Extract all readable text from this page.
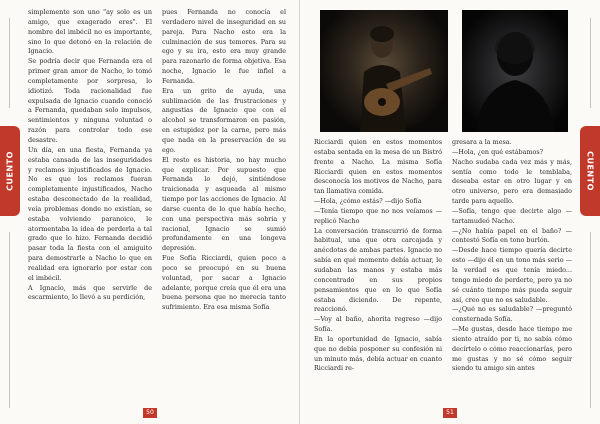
CUENTO

simplemente son uno "ay solo es un amigo, que exagerado eres". El nombre del imbécil no es importante, sino lo que detonó en la relación de Ignacio.

Se podría decir que Fernanda era el primer gran amor de Nacho, lo tomó completamente por sorpresa, lo idiotizó. Toda racionalidad fue expulsada de Ignacio cuando conoció a Fernanda, quedaban solo impulsos, sentimientos y ninguna voluntad o razón para controlar todo ese desastre.

Un día, en una fiesta, Fernanda ya estaba cansada de las inseguridades y reclamos injustificados de Ignacio. No es que los reclamos fueran completamente injustificados, Nacho estaba desconectado de la realidad, veía problemas donde no existían, se estaba volviendo paranoico, le atormentaba la idea de perderla a tal grado que lo hizo. Fernanda decidió pasar toda la fiesta con el amiguito para demostrarle a Nacho lo que en realidad era ignorarlo por estar con el imbécil.

A Ignacio, más que servirle de escarmiento, lo llevó a su perdición,

pues Fernanda no conocía el verdadero nivel de inseguridad en su pareja. Para Nacho esto era la culminación de sus temores. Para su ego y su ira, esto era muy grande para razonarlo de forma objetiva. Esa noche, Ignacio le fue infiel a Fernanda.

Era un grito de ayuda, una sublimación de las frustraciones y angustias de Ignacio que con el alcohol se transformaron en pasión, en estupidez por la carne, pero más que nada en la preservación de su ego.

El resto es historia, no hay mucho que explicar. Por supuesto que Fernanda lo dejó, sintiéndose traicionada y asqueada al mismo tiempo por las acciones de Ignacio. Al darse cuenta de lo que había hecho, con una perspectiva más sobria y racional, Ignacio se sumió profundamente en una longeva depresión.

Fue Sofía Ricciardi, quien poco a poco se preocupó en su buena voluntad, por sacar a Ignacio adelante, porque creía que él era una buena persona que no merecía tanto sufrimiento. Era esa misma Sofía

50

Ricciardi quien en estos momentos estaba sentada en la mesa de un Bistró frente a Nacho. La misma Sofía Ricciardi quien en estos momentos desconocía los motivos de Nacho, para tan llamativa comida.

—Hola, ¿cómo estás? —dijo Sofía

—Tenía tiempo que no nos veíamos —replicó Nacho

La conversación transcurrió de forma habitual, una que otra carcajada y anécdotas de ambas partes. Ignacio no sabía en qué momento debía actuar, le sudaban las manos y estaba más concentrado en sus propios pensamientos que en lo que Sofía estaba diciendo. De repente, reaccionó.

—Voy al baño, ahorita regreso —dijo Sofía.

En la oportunidad de Ignacio, sabía que no debía posponer su confesión ni un minuto más, debía actuar en cuanto Ricciardi re-

gresara a la mesa.

—Hola, ¿en qué estábamos?

Nacho sudaba cada vez más y más, sentía como todo le temblaba, deseaba estar en otro lugar y en otro universo, pero era demasiado tarde para aquello.

—Sofía, tengo que decirte algo —tartamudeó Nacho.

—¿No había papel en el baño? —contestó Sofía en tono burlón.

—Desde hace tiempo quería decirte esto —dijo él en un tono más serio —la verdad es que tenía miedo... tengo miedo de perderte, pero ya no sé cuánto tiempo más pueda seguir así, creo que no es saludable.

—¿Qué no es saludable? —preguntó consternada Sofía.

—Me gustas, desde hace tiempo me siento atraído por ti, no sabía cómo decírtelo o cómo reaccionarías, pero me gustas y no sé cómo seguir siendo tu amigo sin antes

CUENTO
51
